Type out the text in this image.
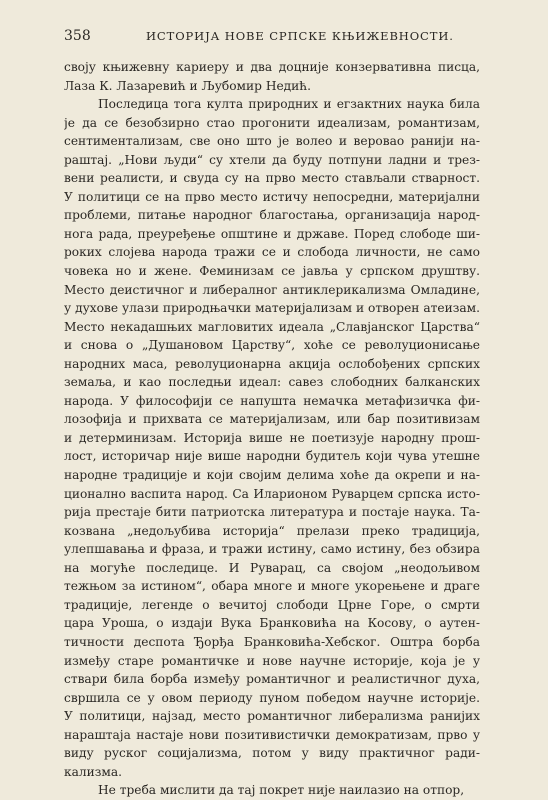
358	ИСТОРИЈА НОВЕ СРПСКЕ КЊИЖЕВНОСТИ.
своју књижевну кариеру и два доцније конзервативна писца,
Лаза К. Лазаревић и Љубомир Недић.
Последица тога култа природних и егзактних наука била
је да се безобзирно стао прогонити идеализам, романтизам,
сентиментализам, све оно што је волео и веровао ранији на-
раштај. „Нови људи“ су хтели да буду потпуни ладни и трез-
вени реалисти, и свуда су на прво место стављали стварност.
У политици се на прво место истичу непосредни, материјални
проблеми, питање народног благостања, организација народ-
нога рада, преуређење општине и државе. Поред слободе ши-
роких слојева народа тражи се и слобода личности, не само
човека но и жене. Феминизам се јавља у српском друштву.
Место деистичног и либералног антиклерикализма Омладине,
у духове улази природњачки материјализам и отворен атеизам.
Место некадашњих магловитих идеала „Славјанског Царства“
и снова о „Душановом Царству“, хоће се револуционисање
народних маса, револуционарна акција ослобођених српских
земаља, и као последњи идеал: савез слободних балканских
народа. У философији се напушта немачка метафизичка фи-
лозофија и прихвата се материјализам, или бар позитивизам
и детерминизам. Историја више не поетизује народну прош-
лост, историчар није више народни будитељ који чува утешне
народне традиције и који својим делима хоће да окрепи и на-
ционално васпита народ. Са Иларионом Руварцем српска исто-
рија престаје бити патриотска литература и постаје наука. Та-
козвана „недољубива историја“ прелази преко традиција,
улепшавања и фраза, и тражи истину, само истину, без обзира
на могуће последице. И Руварац, са својом „неодољивом
тежњом за истином“, обара многе и многе укорењене и драге
традиције, легенде о вечитој слободи Црне Горе, о смрти
цара Уроша, о издаји Вука Бранковића на Косову, о аутен-
тичности деспота Ђорђа Бранковића-Хебског. Оштра борба
између старе романтичке и нове научне историје, која је у
ствари била борба између романтичног и реалистичног духа,
свршила се у овом периоду пуном победом научне историје.
У политици, најзад, место романтичног либерализма ранијих
нараштаја настаје нови позитивистички демократизам, прво у
виду руског социјализма, потом у виду практичног ради-
кализма.
Не треба мислити да тај покрет није наилазио на отпор,
